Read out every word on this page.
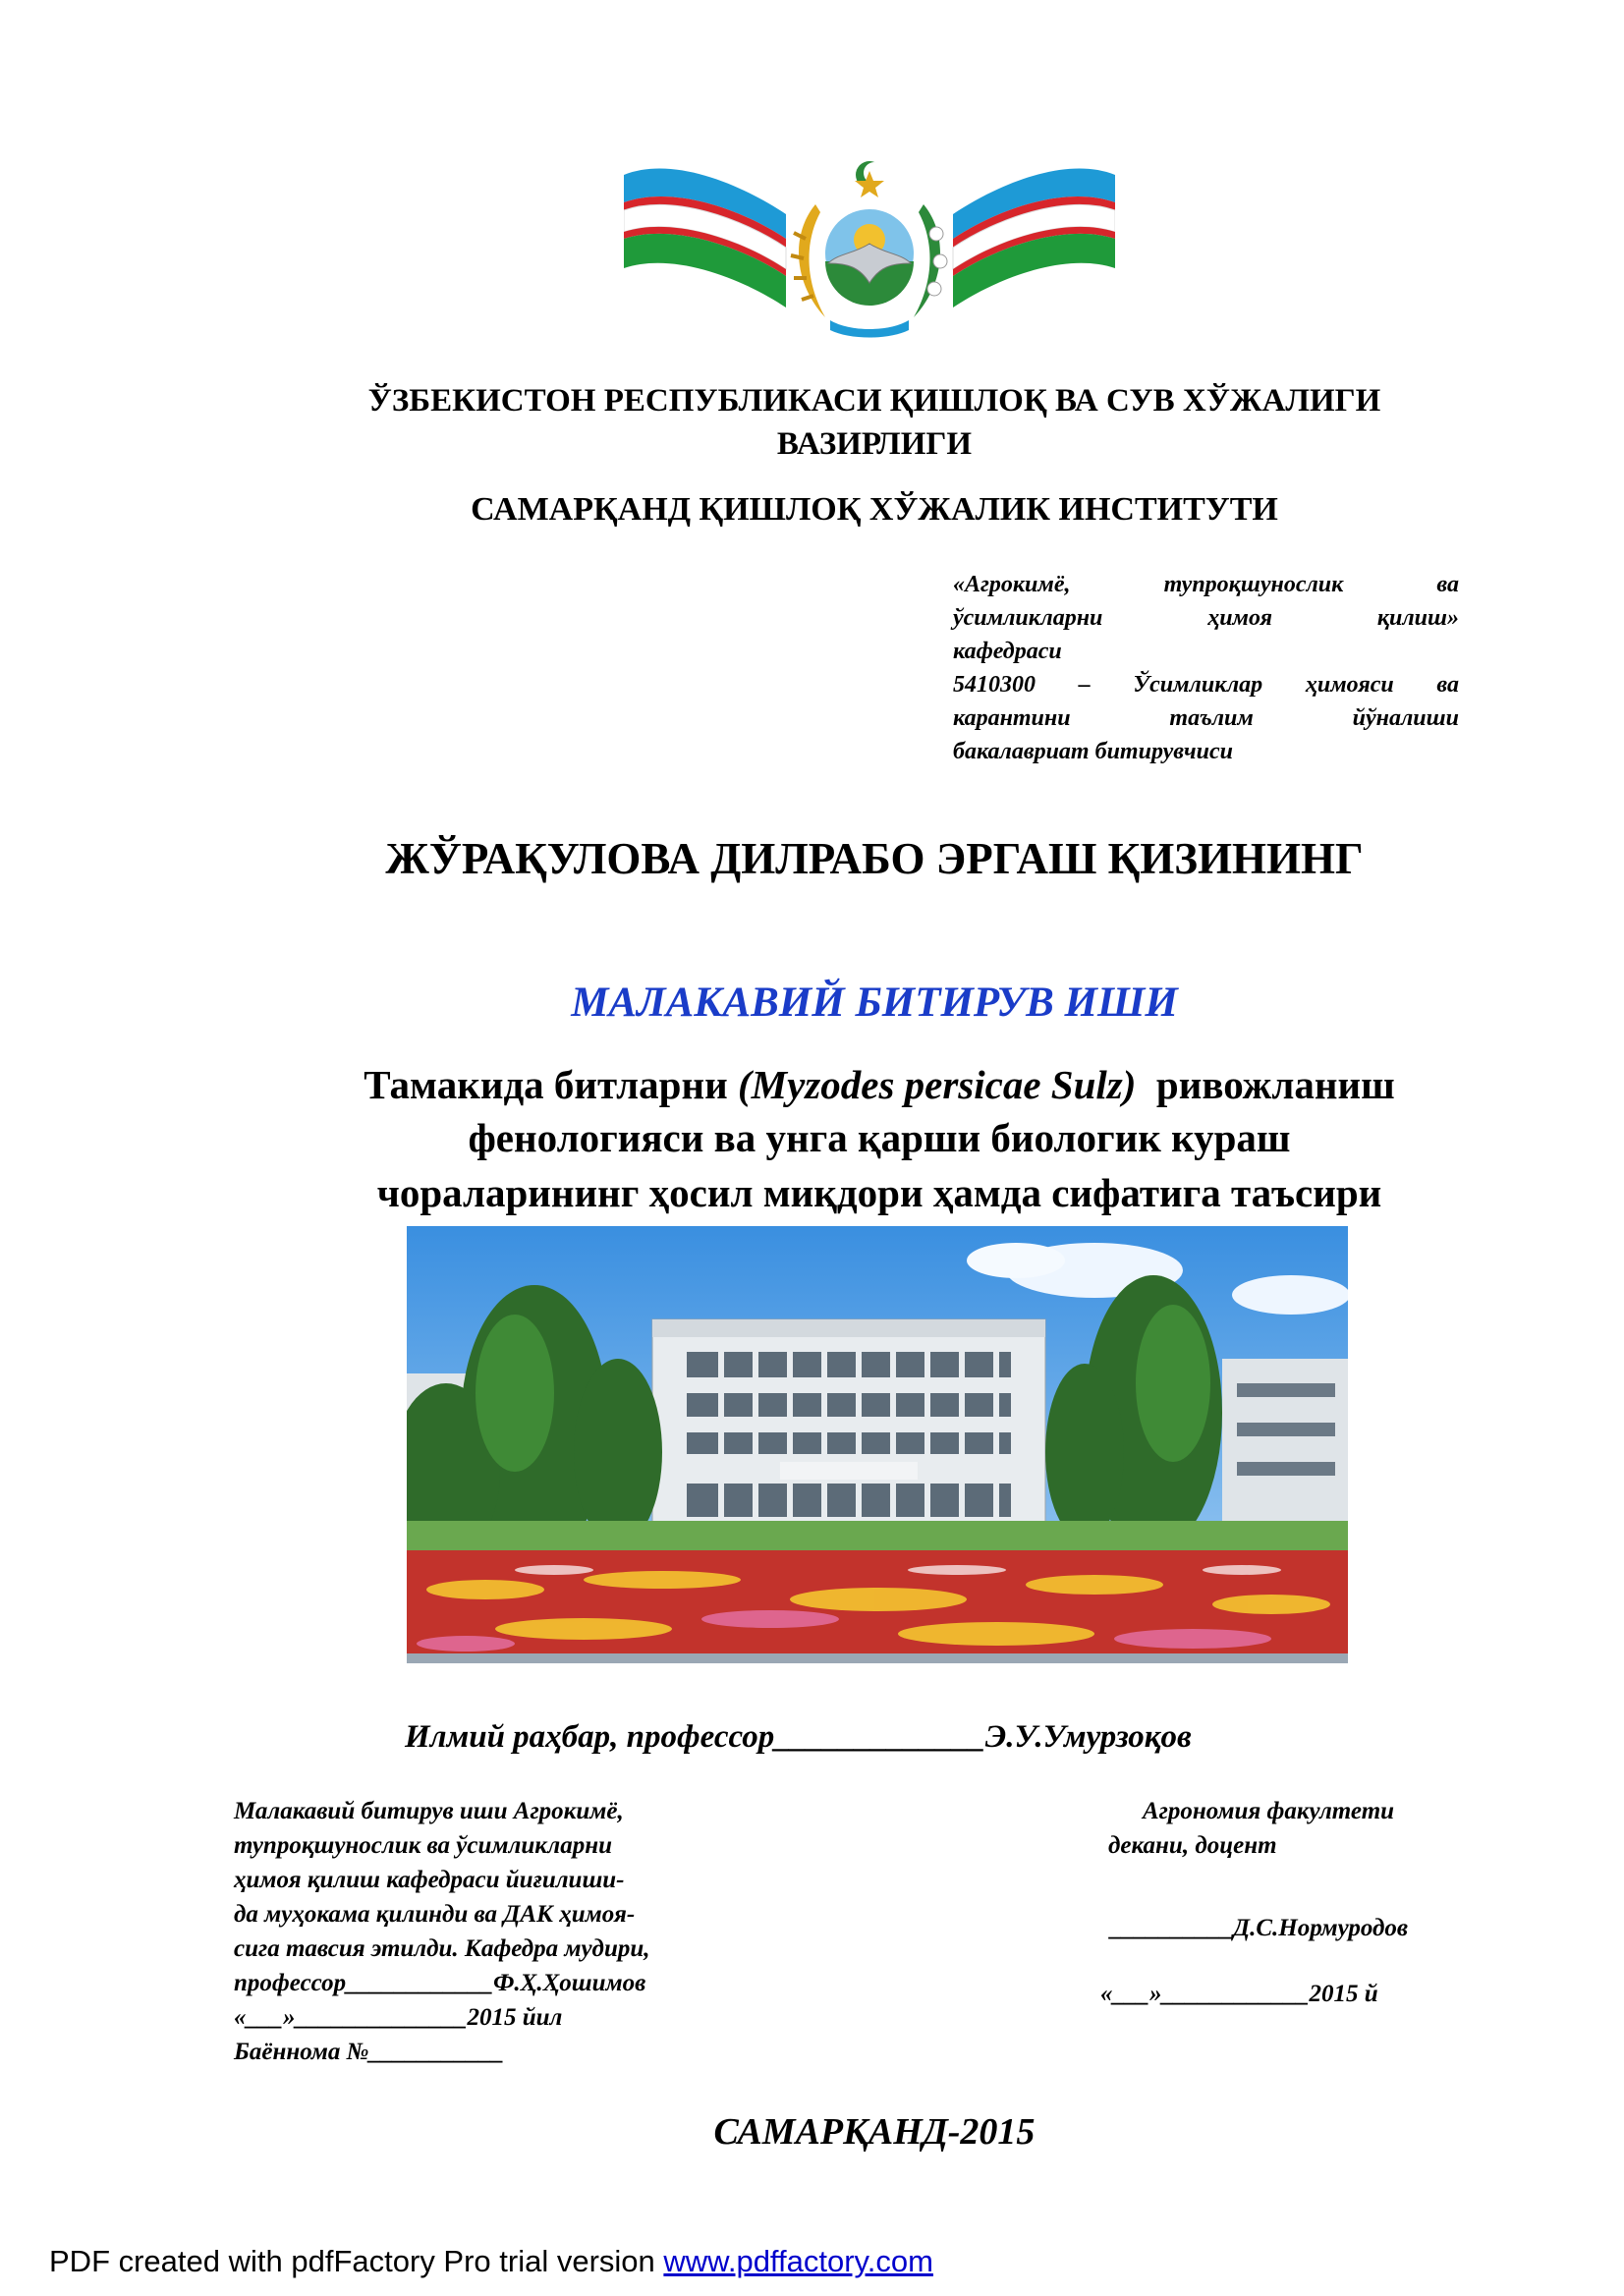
ЎЗБЕКИСТОН РЕСПУБЛИКАСИ ҚИШЛОҚ ВА СУВ ХЎЖАЛИГИ
ВАЗИРЛИГИ
САМАРҚАНД ҚИШЛОҚ ХЎЖАЛИК ИНСТИТУТИ
«Агрокимё,	тупроқшунослик	ва
ўсимликларни	ҳимоя	қилиш»
кафедраси
5410300 – Ўсимликлар ҳимояси ва
карантини	таълим	йўналиши
бакалавриат битирувчиси
ЖЎРАҚУЛОВА ДИЛРАБО ЭРГАШ ҚИЗИНИНГ
МАЛАКАВИЙ БИТИРУВ ИШИ
Тамакида битларни (Myzodes persicae Sulz)  ривожланиш
фенологияси ва унга қарши биологик кураш
чораларининг ҳосил миқдори ҳамда сифатига таъсири
Илмий раҳбар, профессор_____________Э.У.Умурзоқов
Малакавий битирув иши Агрокимё,
тупроқшунослик ва ўсимликларни
ҳимоя қилиш кафедраси йиғилиши-
да муҳокама қилинди ва ДАК ҳимоя-
сига тавсия этилди. Кафедра мудири,
профессор____________Ф.Ҳ.Ҳошимов
«___»______________2015 йил
Баённома №___________
Агрономия факултети
декани, доцент
__________Д.С.Нормуродов
«___»____________2015 й
САМАРҚАНД-2015
PDF created with pdfFactory Pro trial version www.pdffactory.com
